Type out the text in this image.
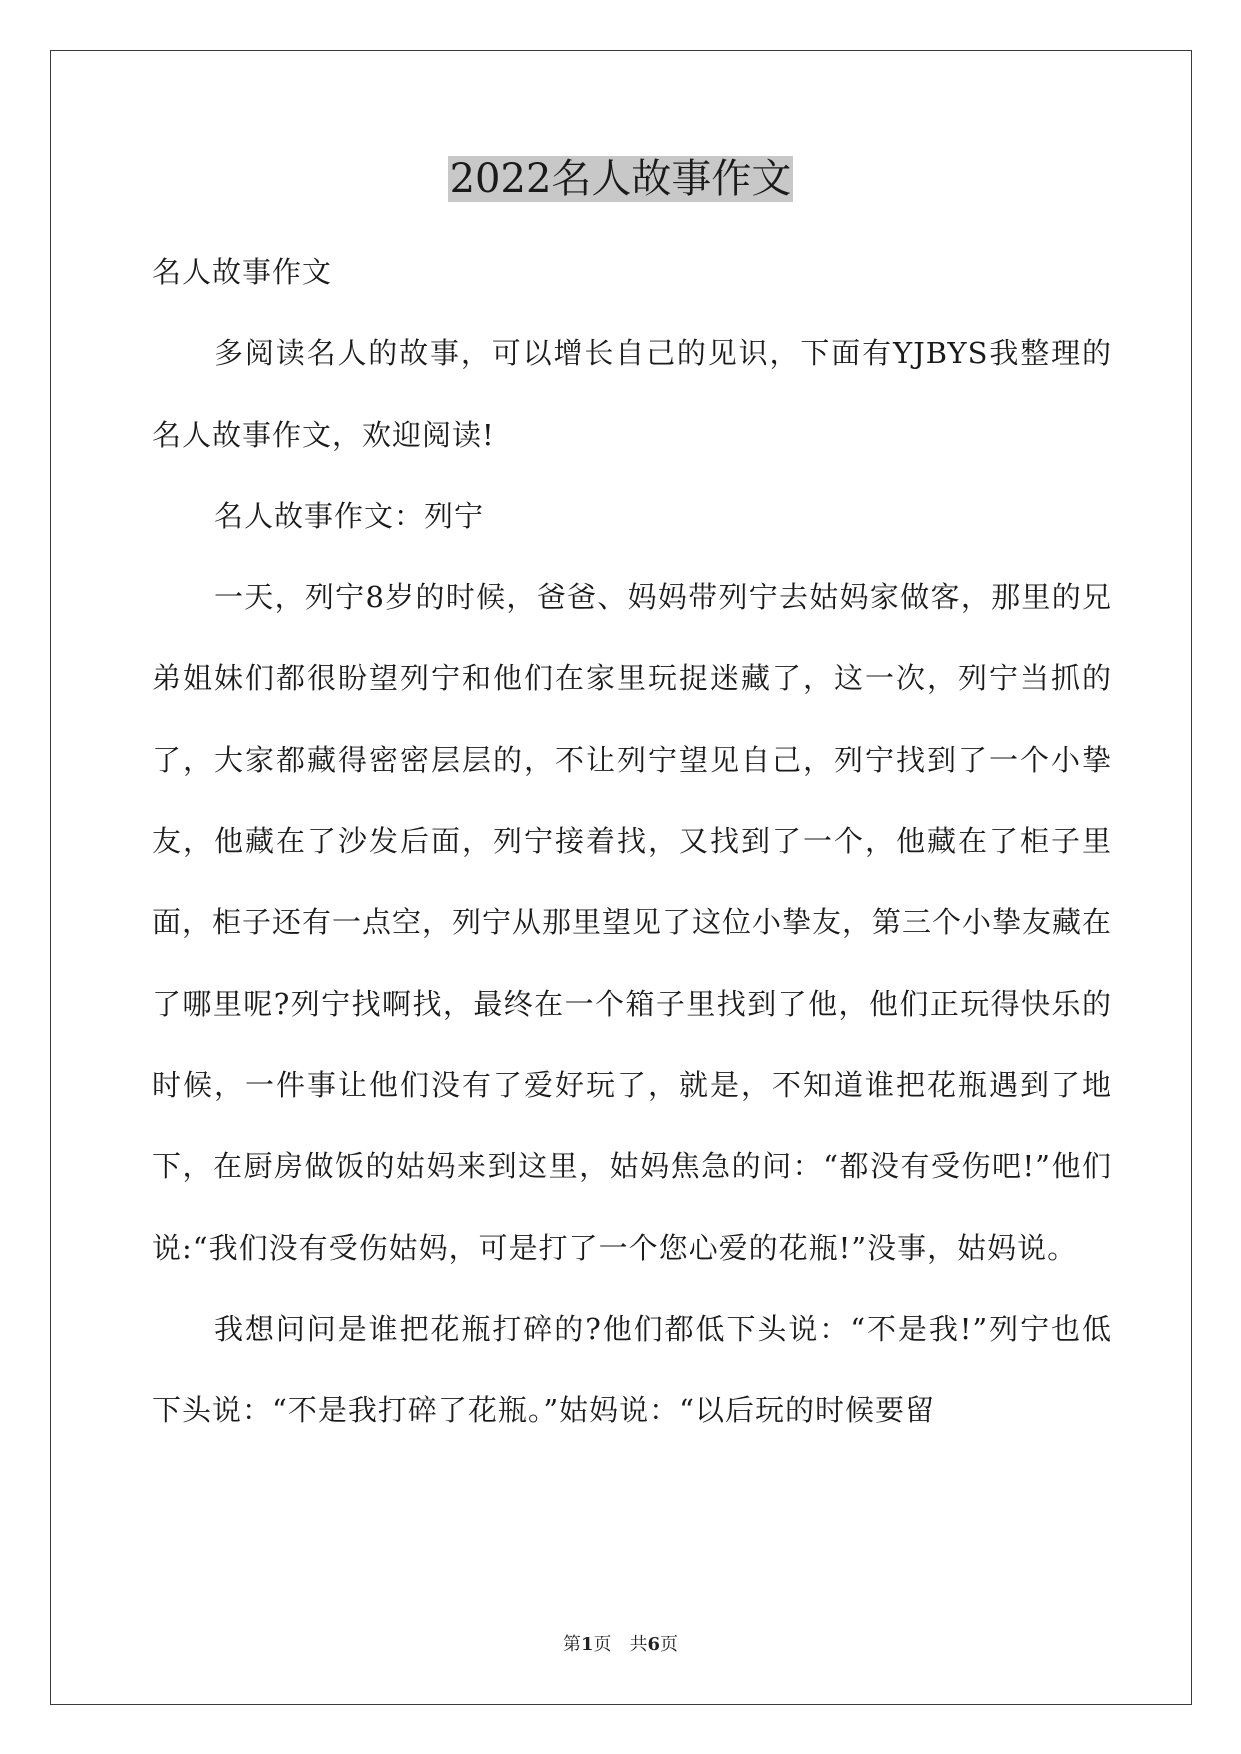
2022名人故事作文

名人故事作文

多阅读名人的故事，可以增长自己的见识，下面有YJBYS我整理的名人故事作文，欢迎阅读!

名人故事作文：列宁

一天，列宁8岁的时候，爸爸、妈妈带列宁去姑妈家做客，那里的兄弟姐妹们都很盼望列宁和他们在家里玩捉迷藏了，这一次，列宁当抓的了，大家都藏得密密层层的，不让列宁望见自己，列宁找到了一个小挚友，他藏在了沙发后面，列宁接着找，又找到了一个，他藏在了柜子里面，柜子还有一点空，列宁从那里望见了这位小挚友，第三个小挚友藏在了哪里呢?列宁找啊找，最终在一个箱子里找到了他，他们正玩得快乐的时候，一件事让他们没有了爱好玩了，就是，不知道谁把花瓶遇到了地下，在厨房做饭的姑妈来到这里，姑妈焦急的问：“都没有受伤吧!”他们说:“我们没有受伤姑妈，可是打了一个您心爱的花瓶!”没事，姑妈说。

我想问问是谁把花瓶打碎的?他们都低下头说：“不是我!”列宁也低下头说：“不是我打碎了花瓶。”姑妈说：“以后玩的时候要留

第1页　共6页
